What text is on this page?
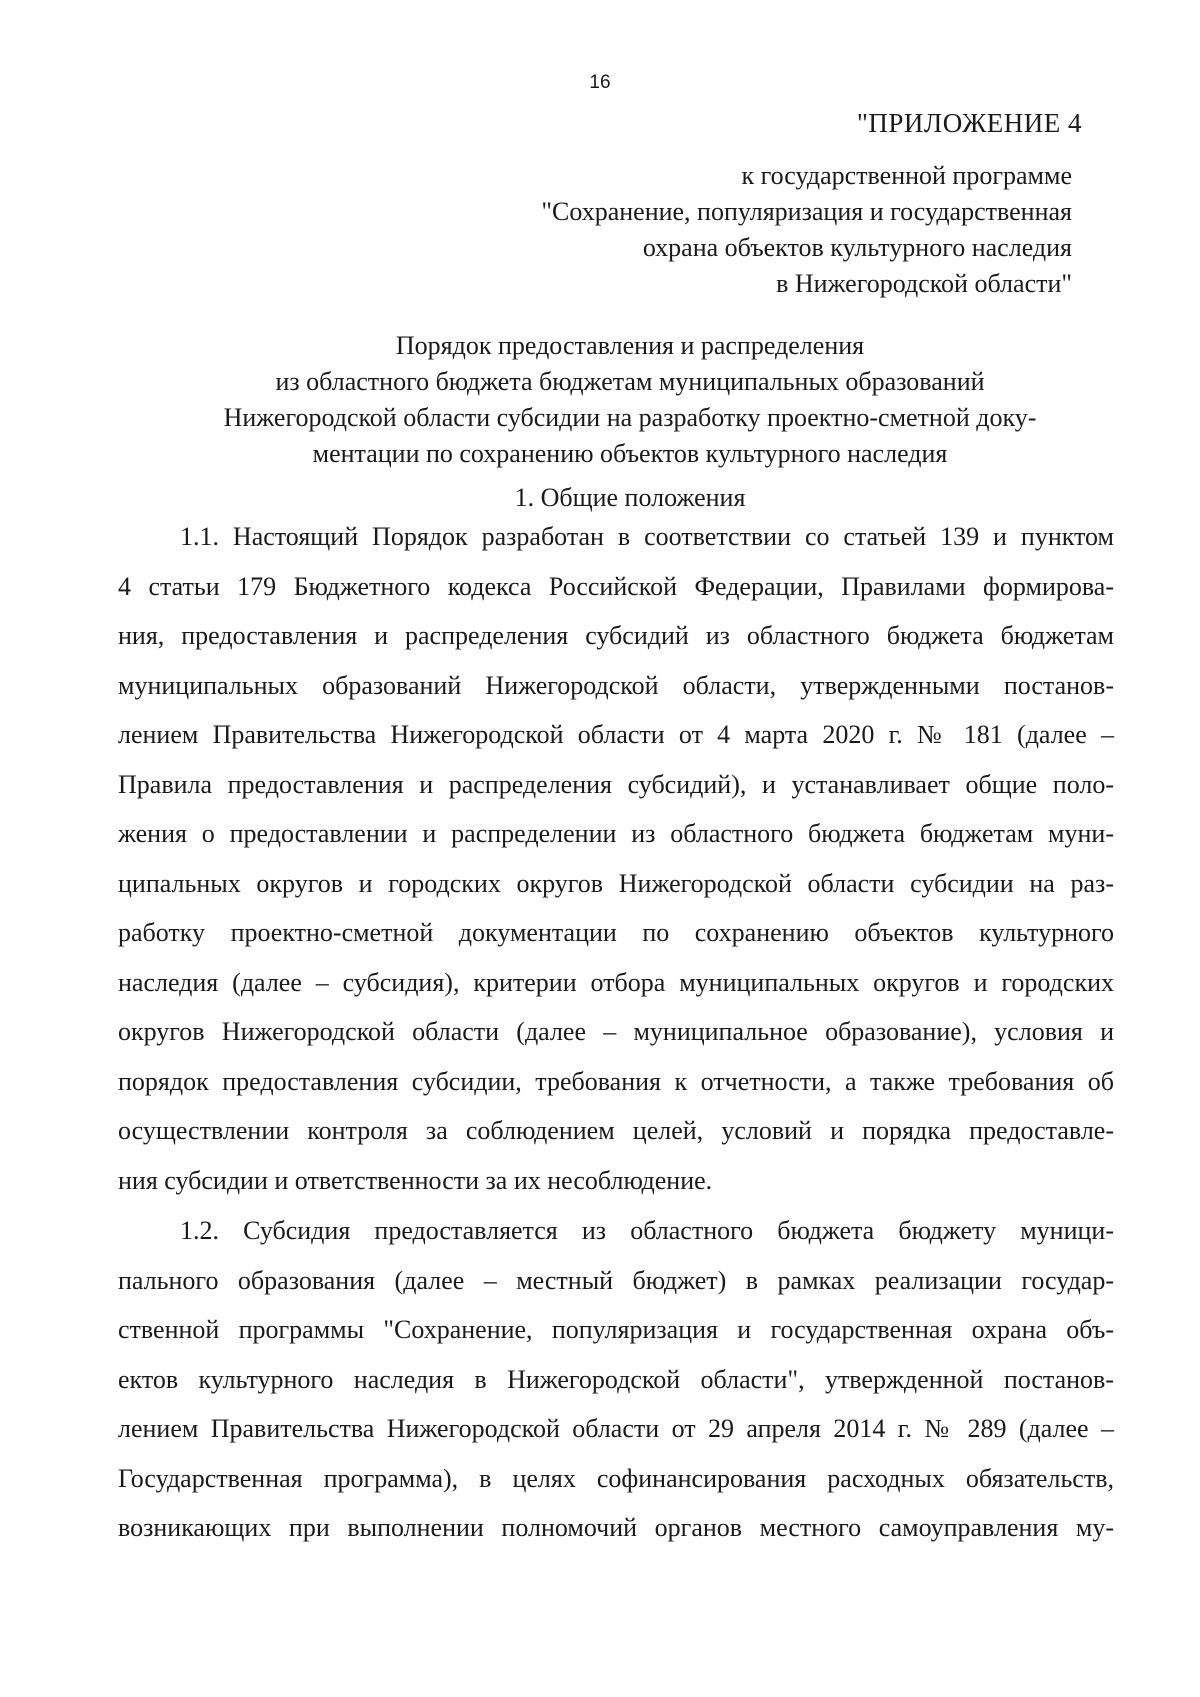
16
"ПРИЛОЖЕНИЕ 4
к государственной программе
"Сохранение, популяризация и государственная
охрана объектов культурного наследия
в Нижегородской области"
Порядок предоставления и распределения
из областного бюджета бюджетам муниципальных образований
Нижегородской области субсидии на разработку проектно-сметной доку-
ментации по сохранению объектов культурного наследия
1. Общие положения
1.1. Настоящий Порядок разработан в соответствии со статьей 139 и пунктом
4 статьи 179 Бюджетного кодекса Российской Федерации, Правилами формирова-
ния, предоставления и распределения субсидий из областного бюджета бюджетам
муниципальных образований Нижегородской области, утвержденными постанов-
лением Правительства Нижегородской области от 4 марта 2020 г. № 181 (далее –
Правила предоставления и распределения субсидий), и устанавливает общие поло-
жения о предоставлении и распределении из областного бюджета бюджетам муни-
ципальных округов и городских округов Нижегородской области субсидии на раз-
работку проектно-сметной документации по сохранению объектов культурного
наследия (далее – субсидия), критерии отбора муниципальных округов и городских
округов Нижегородской области (далее – муниципальное образование), условия и
порядок предоставления субсидии, требования к отчетности, а также требования об
осуществлении контроля за соблюдением целей, условий и порядка предоставле-
ния субсидии и ответственности за их несоблюдение.
1.2. Субсидия предоставляется из областного бюджета бюджету муници-
пального образования (далее – местный бюджет) в рамках реализации государ-
ственной программы "Сохранение, популяризация и государственная охрана объ-
ектов культурного наследия в Нижегородской области", утвержденной постанов-
лением Правительства Нижегородской области от 29 апреля 2014 г. № 289 (далее –
Государственная программа), в целях софинансирования расходных обязательств,
возникающих при выполнении полномочий органов местного самоуправления му-
